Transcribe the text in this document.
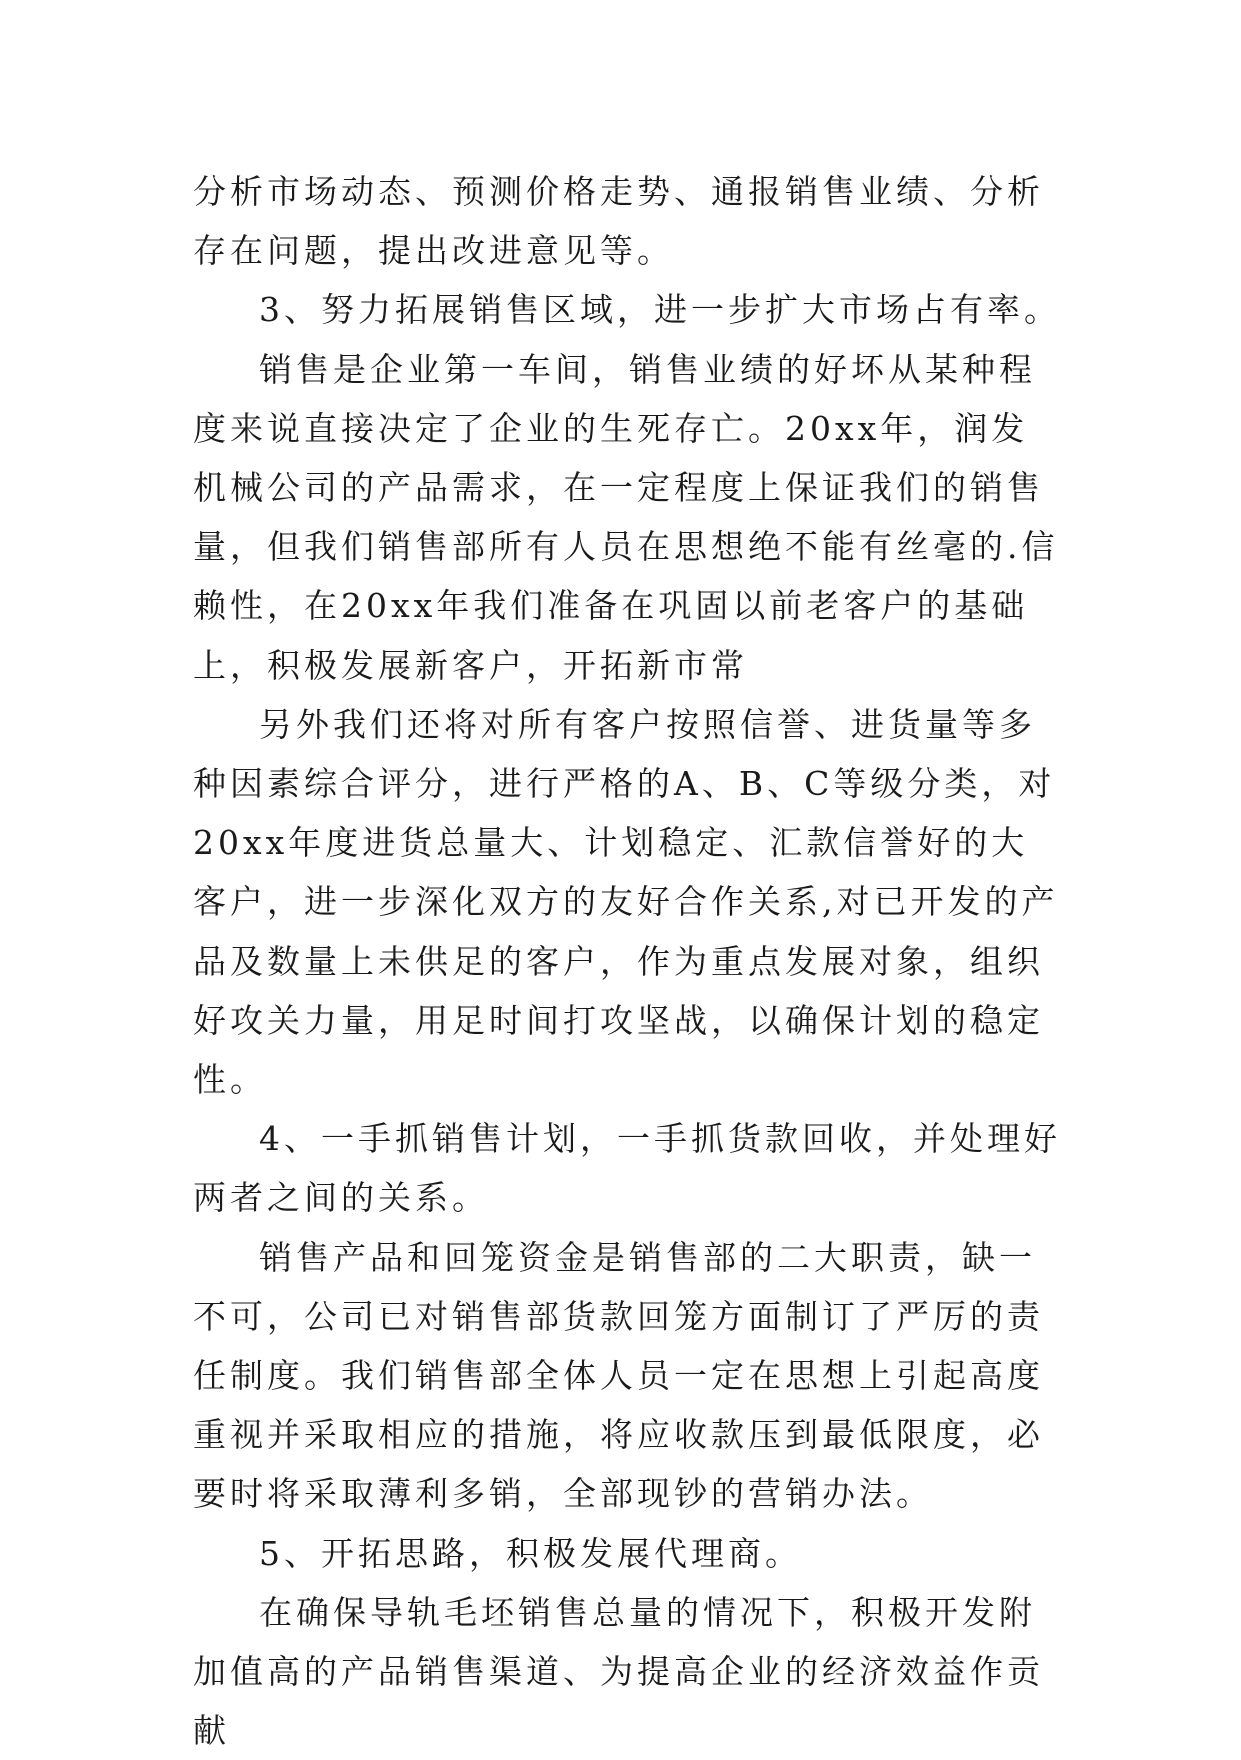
分析市场动态、预测价格走势、通报销售业绩、分析存在问题，提出改进意见等。

3、努力拓展销售区域，进一步扩大市场占有率。

销售是企业第一车间，销售业绩的好坏从某种程度来说直接决定了企业的生死存亡。20xx年，润发机械公司的产品需求，在一定程度上保证我们的销售量，但我们销售部所有人员在思想绝不能有丝毫的.信赖性，在20xx年我们准备在巩固以前老客户的基础上，积极发展新客户，开拓新市常

另外我们还将对所有客户按照信誉、进货量等多种因素综合评分，进行严格的A、B、C等级分类，对20xx年度进货总量大、计划稳定、汇款信誉好的大客户，进一步深化双方的友好合作关系,对已开发的产品及数量上未供足的客户，作为重点发展对象，组织好攻关力量，用足时间打攻坚战，以确保计划的稳定性。

4、一手抓销售计划，一手抓货款回收，并处理好两者之间的关系。

销售产品和回笼资金是销售部的二大职责，缺一不可，公司已对销售部货款回笼方面制订了严厉的责任制度。我们销售部全体人员一定在思想上引起高度重视并采取相应的措施，将应收款压到最低限度，必要时将采取薄利多销，全部现钞的营销办法。

5、开拓思路，积极发展代理商。

在确保导轨毛坯销售总量的情况下，积极开发附加值高的产品销售渠道、为提高企业的经济效益作贡献
